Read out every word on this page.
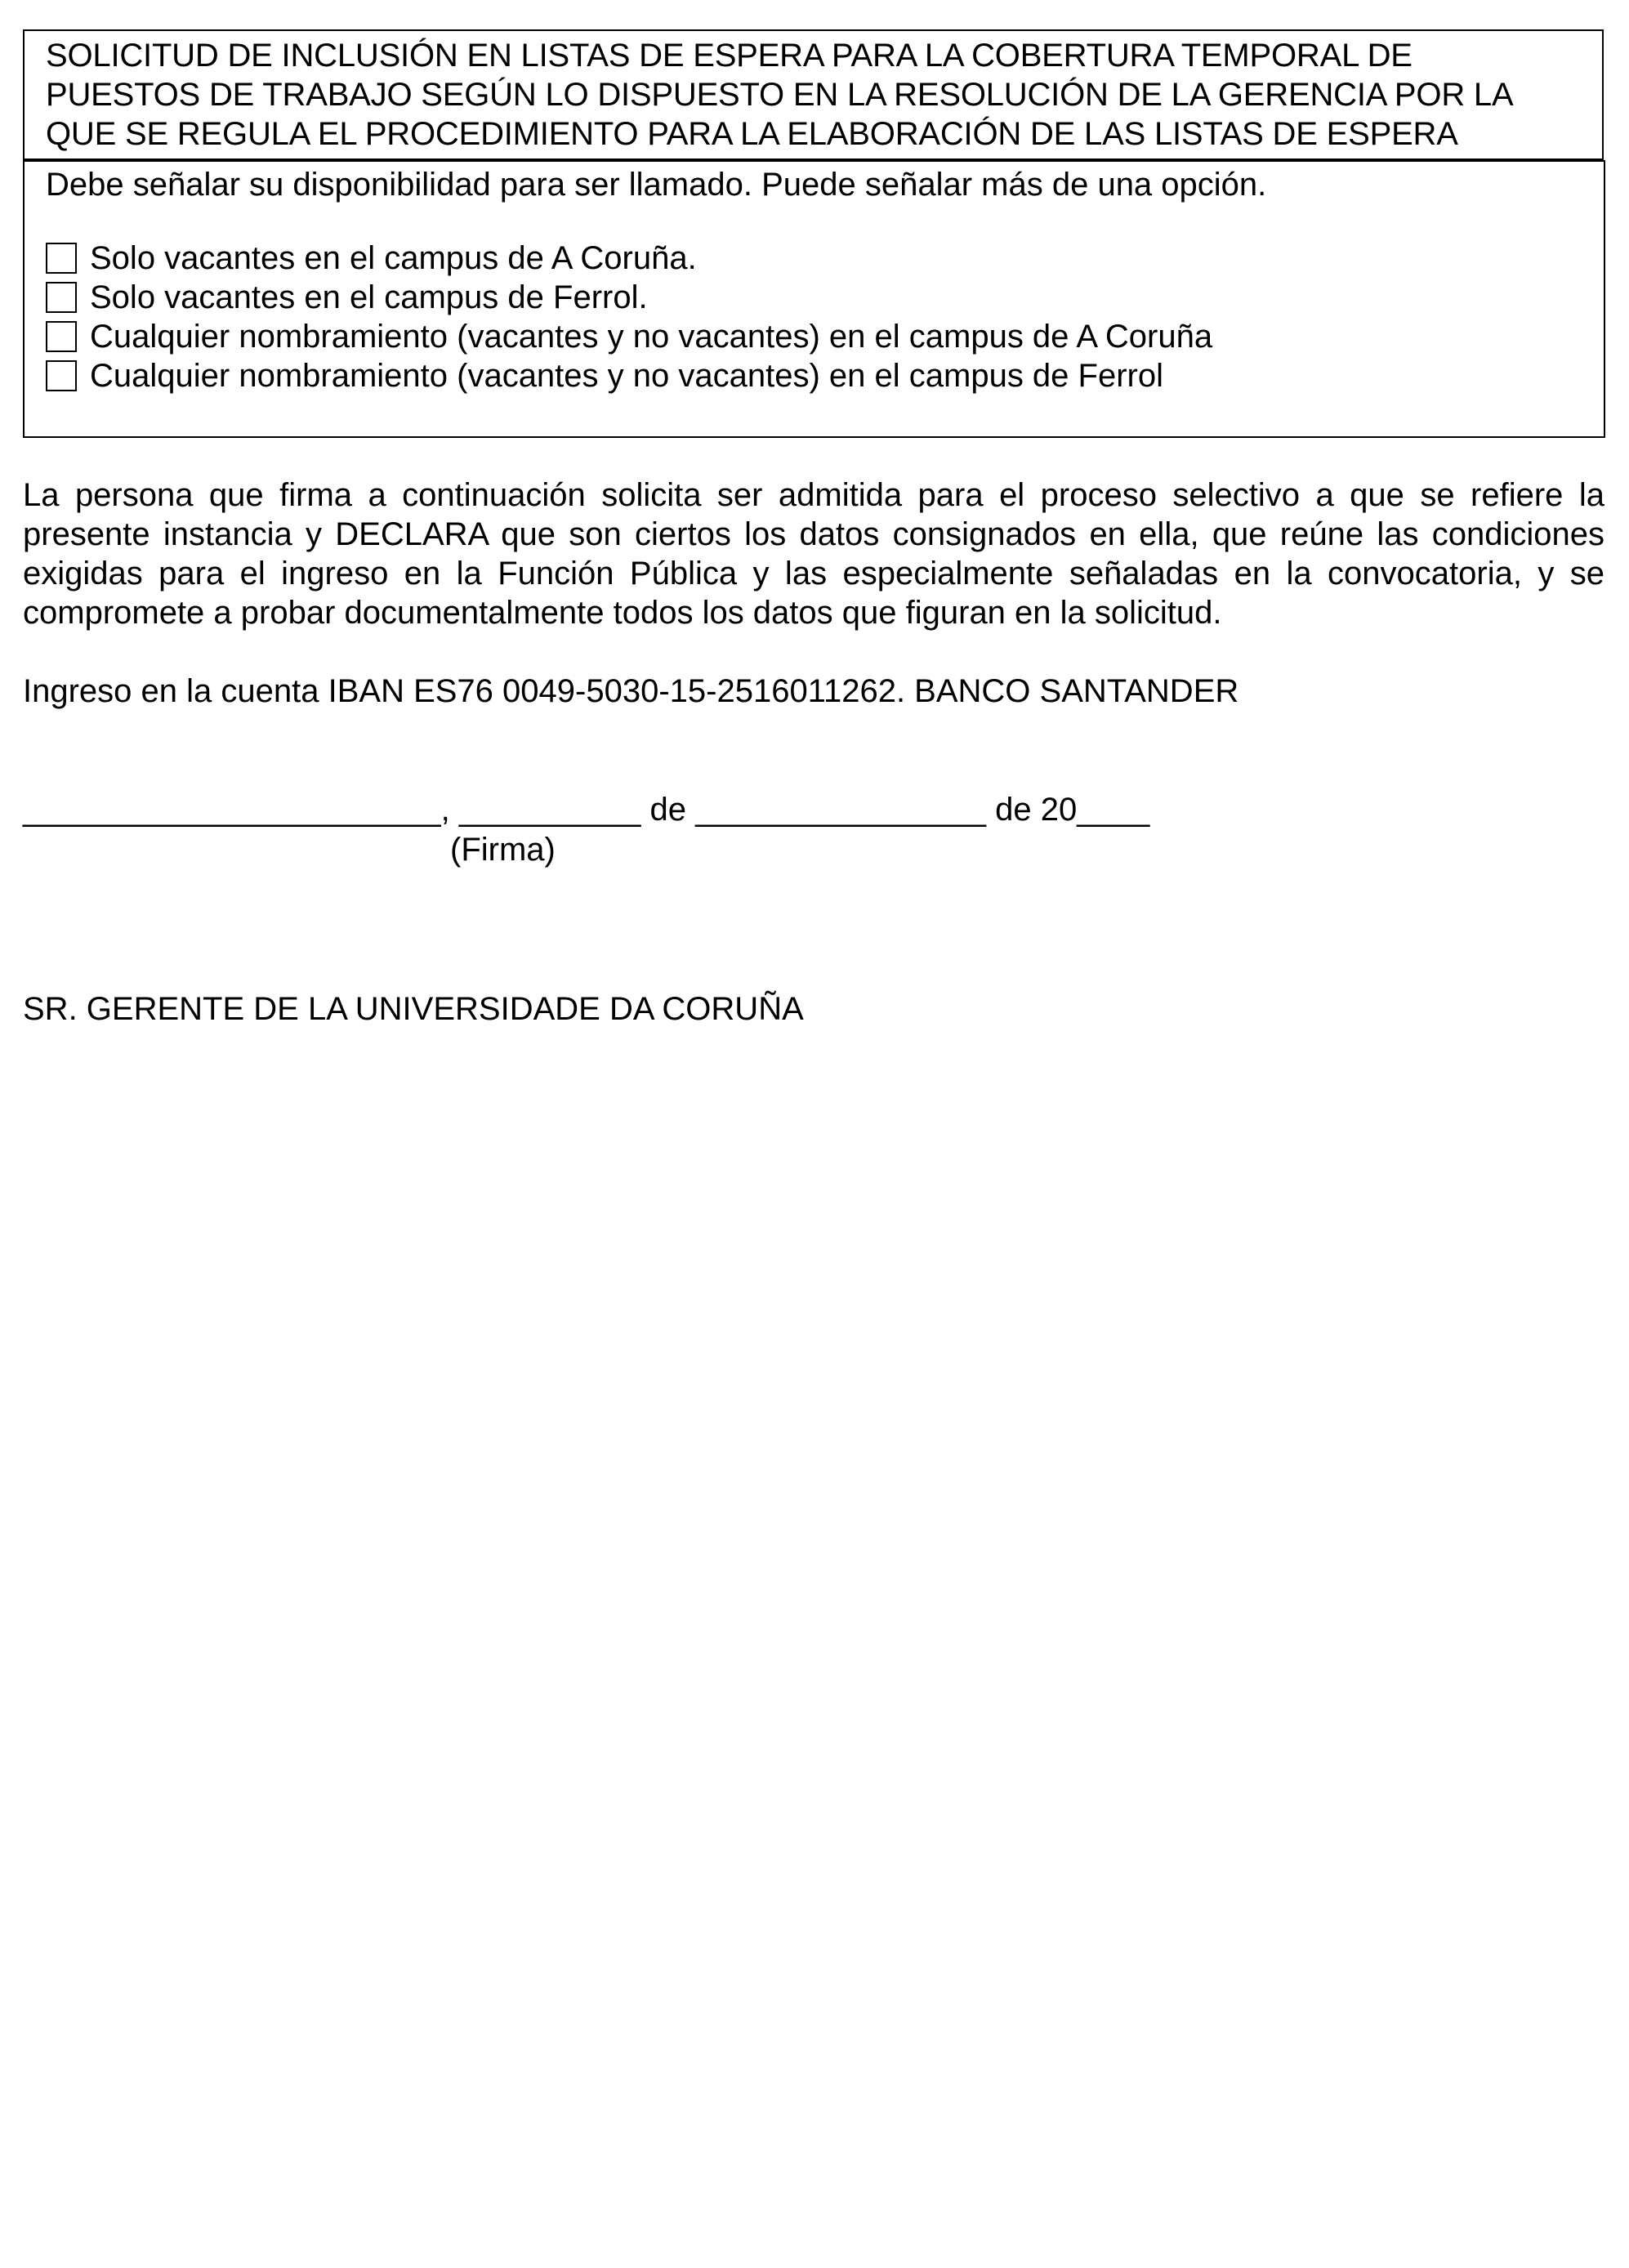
SOLICITUD DE INCLUSIÓN EN LISTAS DE ESPERA PARA LA COBERTURA TEMPORAL DE
PUESTOS DE TRABAJO SEGÚN LO DISPUESTO EN LA RESOLUCIÓN DE LA GERENCIA POR LA
QUE SE REGULA EL PROCEDIMIENTO PARA LA ELABORACIÓN DE LAS LISTAS DE ESPERA
Debe señalar su disponibilidad para ser llamado. Puede señalar más de una opción.
Solo vacantes en el campus de A Coruña.
Solo vacantes en el campus de Ferrol.
Cualquier nombramiento (vacantes y no vacantes) en el campus de A Coruña
Cualquier nombramiento (vacantes y no vacantes) en el campus de Ferrol
La persona que firma a continuación solicita ser admitida para el proceso selectivo a que se refiere la presente instancia y DECLARA que son ciertos los datos consignados en ella, que reúne las condiciones exigidas para el ingreso en la Función Pública y las especialmente señaladas en la convocatoria, y se compromete a probar documentalmente todos los datos que figuran en la solicitud.
Ingreso en la cuenta IBAN ES76 0049-5030-15-2516011262. BANCO SANTANDER
_______________________, __________ de ________________ de 20____
(Firma)
SR. GERENTE DE LA UNIVERSIDADE DA CORUÑA
